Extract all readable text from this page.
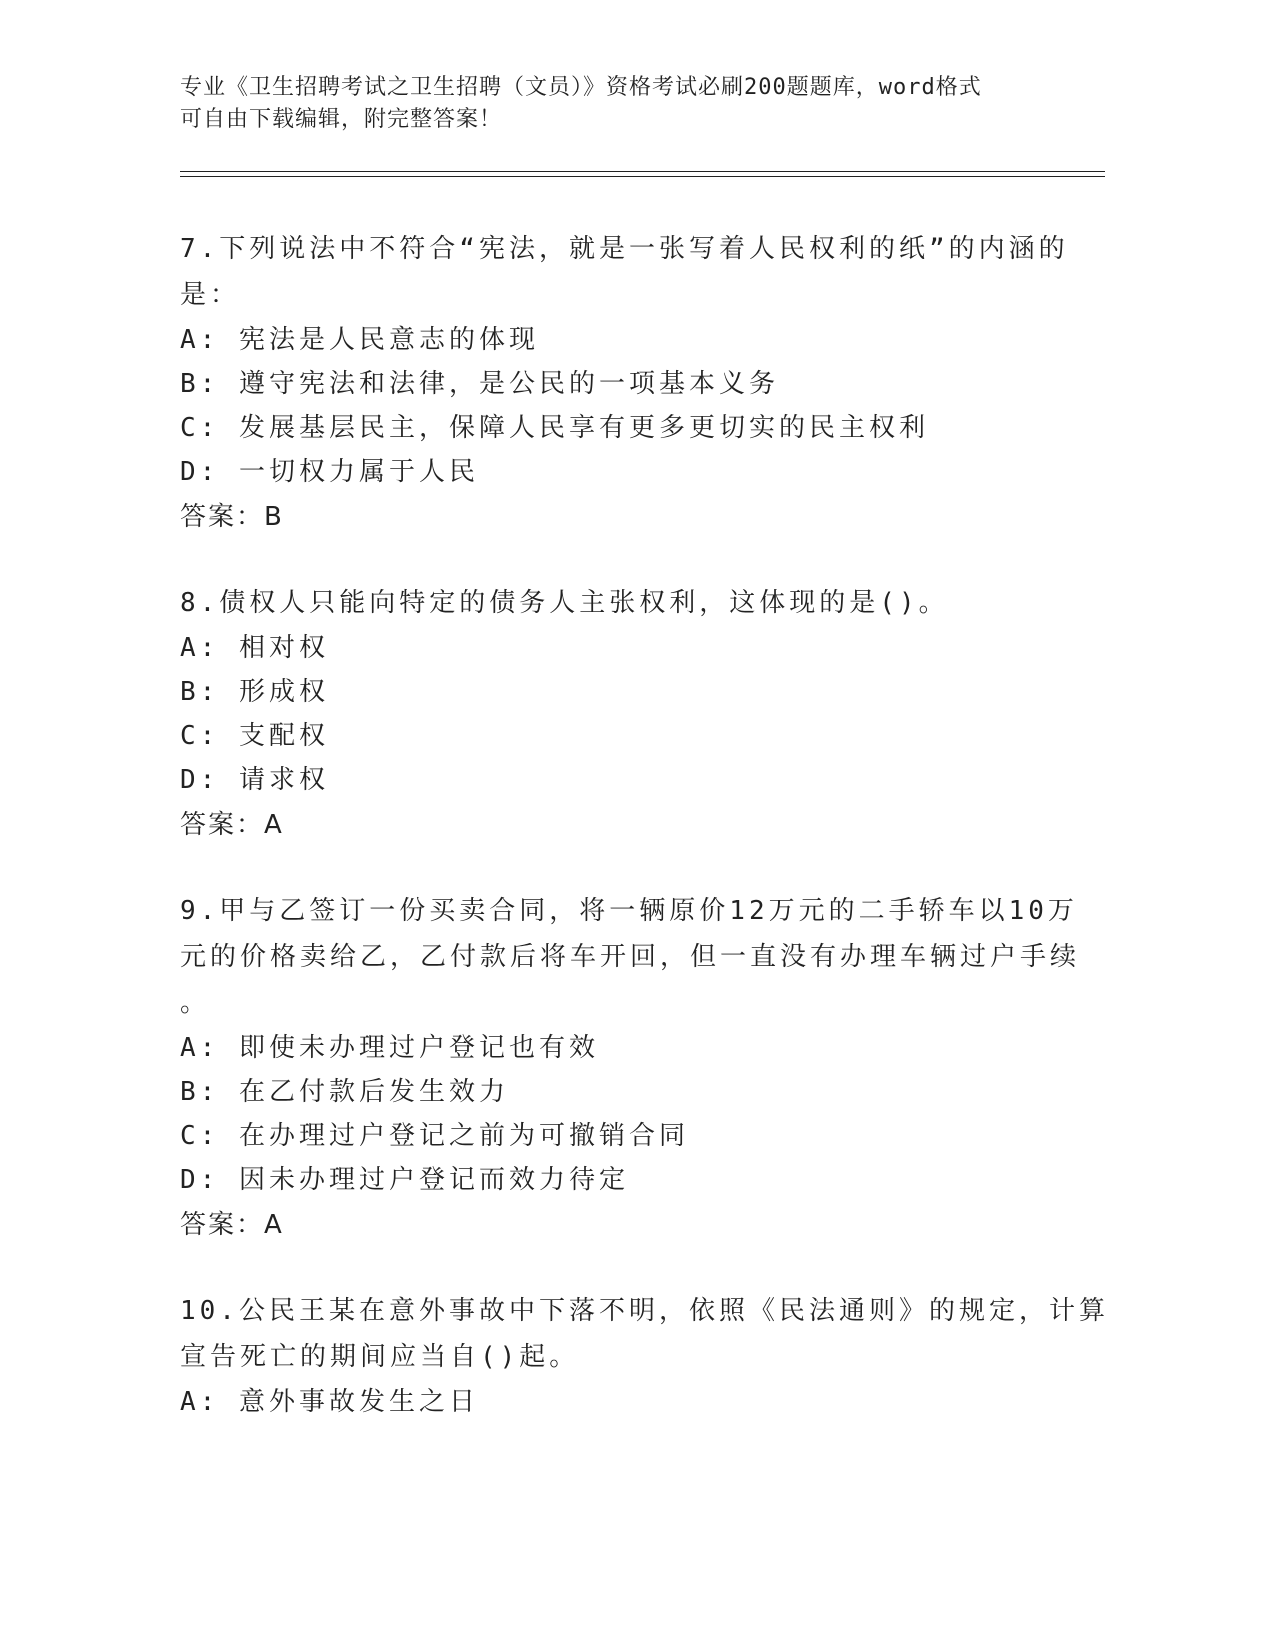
专业《卫生招聘考试之卫生招聘（文员）》资格考试必刷200题题库，word格式
可自由下载编辑，附完整答案！
7.下列说法中不符合“宪法，就是一张写着人民权利的纸”的内涵的
是：
A: 宪法是人民意志的体现
B: 遵守宪法和法律，是公民的一项基本义务
C: 发展基层民主，保障人民享有更多更切实的民主权利
D: 一切权力属于人民
答案：B
8.债权人只能向特定的债务人主张权利，这体现的是()。
A: 相对权
B: 形成权
C: 支配权
D: 请求权
答案：A
9.甲与乙签订一份买卖合同，将一辆原价12万元的二手轿车以10万
元的价格卖给乙，乙付款后将车开回，但一直没有办理车辆过户手续
。
A: 即使未办理过户登记也有效
B: 在乙付款后发生效力
C: 在办理过户登记之前为可撤销合同
D: 因未办理过户登记而效力待定
答案：A
10.公民王某在意外事故中下落不明，依照《民法通则》的规定，计算
宣告死亡的期间应当自()起。
A: 意外事故发生之日
